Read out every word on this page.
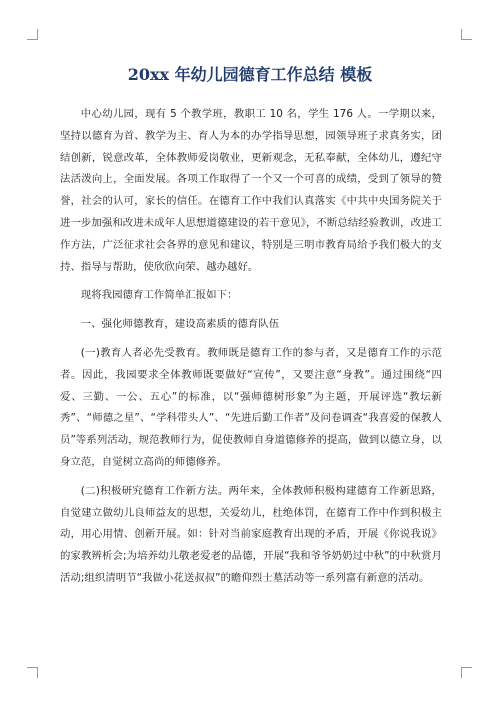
20xx 年幼儿园德育工作总结 模板

中心幼儿园，现有 5 个教学班，教职工 10 名，学生 176 人。一学期以来，坚持以德育为首、教学为主、育人为本的办学指导思想，园领导班子求真务实，团结创新，锐意改革，全体教师爱岗敬业，更新观念，无私奉献，全体幼儿，遵纪守法活泼向上，全面发展。各项工作取得了一个又一个可喜的成绩，受到了领导的赞誉，社会的认可，家长的信任。在德育工作中我们认真落实《中共中央国务院关于进一步加强和改进未成年人思想道德建设的若干意见》，不断总结经验教训，改进工作方法，广泛征求社会各界的意见和建议，特别是三明市教育局给予我们极大的支持、指导与帮助，使欣欣向荣、越办越好。

现将我园德育工作简单汇报如下：

一、强化师德教育，建设高素质的德育队伍

(一)教育人者必先受教育。教师既是德育工作的参与者，又是德育工作的示范者。因此，我园要求全体教师既要做好“宣传”，又要注意“身教”。通过围绕“四爱、三勤、一公、五心”的标准，以“强师德树形象”为主题，开展评选“教坛新秀”、“师德之星”、“学科带头人”、“先进后勤工作者”及问卷调查“我喜爱的保教人员”等系列活动，规范教师行为，促使教师自身道德修养的提高，做到以德立身，以身立范，自觉树立高尚的师德修养。

(二)积极研究德育工作新方法。两年来，全体教师积极构建德育工作新思路，自觉建立做幼儿良师益友的思想，关爱幼儿，杜绝体罚，在德育工作中作到积极主动，用心用情、创新开展。如：针对当前家庭教育出现的矛盾，开展《你说我说》的家教辨析会;为培养幼儿敬老爱老的品德，开展“我和爷爷奶奶过中秋”的中秋赏月活动;组织清明节“我做小花送叔叔”的瞻仰烈士墓活动等一系列富有新意的活动。
